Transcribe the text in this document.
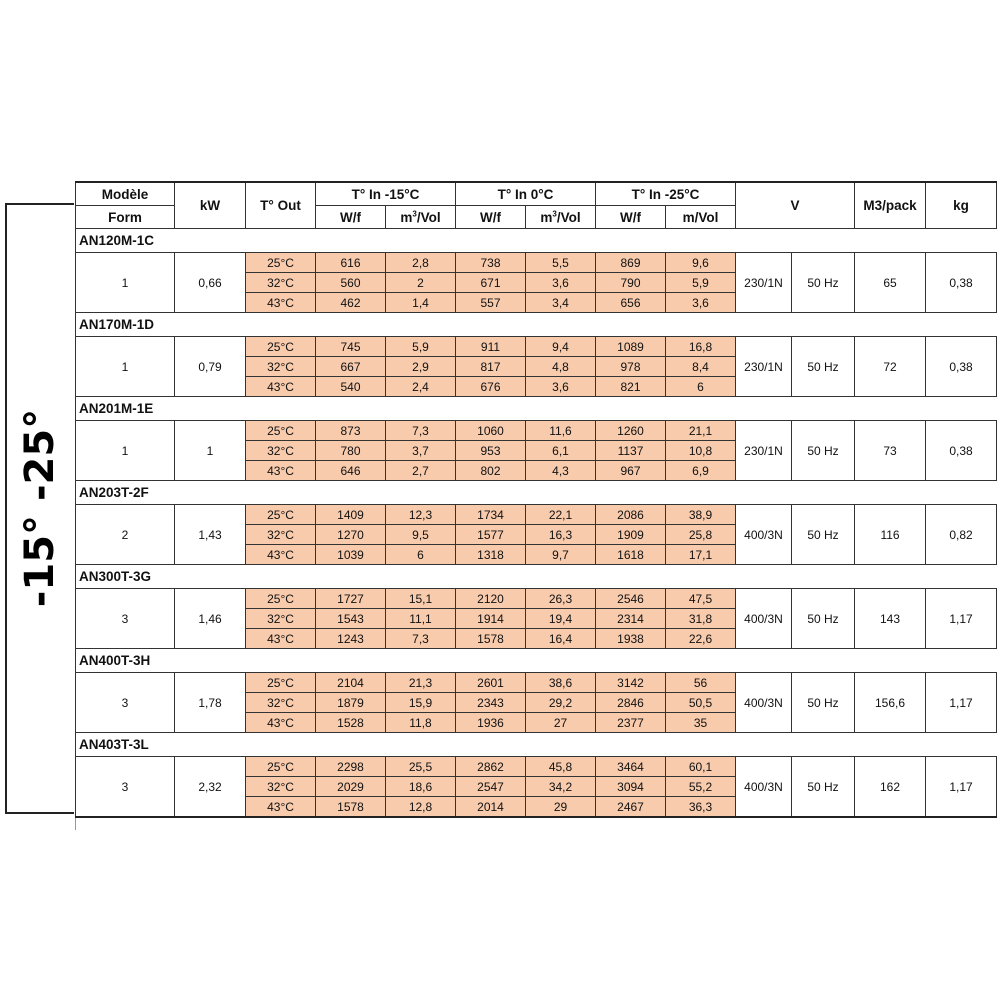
-15° -25°
Modèle	kW	T° Out	T° In -15°C		T° In 0°C		T° In -25°C		V		M3/pack	kg
Form			W/f	$m^3$/Vol	W/f	$m^3$/Vol	W/f	m/Vol				
AN120M-1C												
1	0,66	25°C	616	2,8	738	5,5	869	9,6	230/1N	50 Hz	65	0,38
		32°C	560	2	671	3,6	790	5,9				
		43°C	462	1,4	557	3,4	656	3,6				
AN170M-1D												
1	0,79	25°C	745	5,9	911	9,4	1089	16,8	230/1N	50 Hz	72	0,38
		32°C	667	2,9	817	4,8	978	8,4				
		43°C	540	2,4	676	3,6	821	6				
AN201M-1E												
1	1	25°C	873	7,3	1060	11,6	1260	21,1	230/1N	50 Hz	73	0,38
		32°C	780	3,7	953	6,1	1137	10,8				
		43°C	646	2,7	802	4,3	967	6,9				
AN203T-2F												
2	1,43	25°C	1409	12,3	1734	22,1	2086	38,9	400/3N	50 Hz	116	0,82
		32°C	1270	9,5	1577	16,3	1909	25,8				
		43°C	1039	6	1318	9,7	1618	17,1				
AN300T-3G												
3	1,46	25°C	1727	15,1	2120	26,3	2546	47,5	400/3N	50 Hz	143	1,17
		32°C	1543	11,1	1914	19,4	2314	31,8				
		43°C	1243	7,3	1578	16,4	1938	22,6				
AN400T-3H												
3	1,78	25°C	2104	21,3	2601	38,6	3142	56	400/3N	50 Hz	156,6	1,17
		32°C	1879	15,9	2343	29,2	2846	50,5				
		43°C	1528	11,8	1936	27	2377	35				
AN403T-3L												
3	2,32	25°C	2298	25,5	2862	45,8	3464	60,1	400/3N	50 Hz	162	1,17
		32°C	2029	18,6	2547	34,2	3094	55,2				
		43°C	1578	12,8	2014	29	2467	36,3				
